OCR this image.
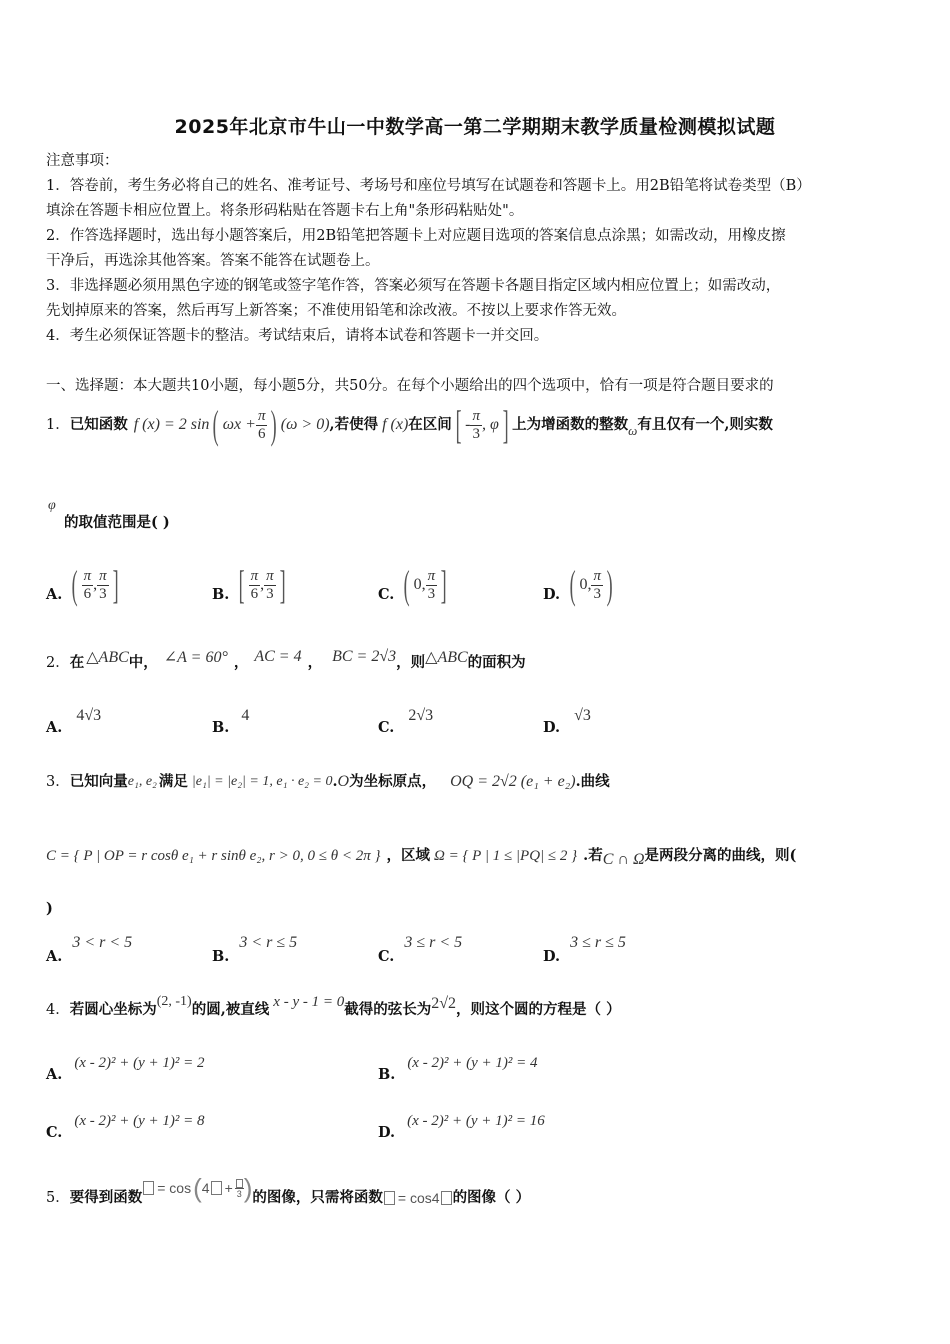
2025年北京市牛山一中数学高一第二学期期末教学质量检测模拟试题
注意事项：
1．答卷前，考生务必将自己的姓名、准考证号、考场号和座位号填写在试题卷和答题卡上。用2B铅笔将试卷类型（B）
填涂在答题卡相应位置上。将条形码粘贴在答题卡右上角"条形码粘贴处"。
2．作答选择题时，选出每小题答案后，用2B铅笔把答题卡上对应题目选项的答案信息点涂黑；如需改动，用橡皮擦
干净后，再选涂其他答案。答案不能答在试题卷上。
3．非选择题必须用黑色字迹的钢笔或签字笔作答，答案必须写在答题卡各题目指定区域内相应位置上；如需改动，
先划掉原来的答案，然后再写上新答案；不准使用铅笔和涂改液。不按以上要求作答无效。
4．考生必须保证答题卡的整洁。考试结束后，请将本试卷和答题卡一并交回。
一、选择题：本大题共10小题，每小题5分，共50分。在每个小题给出的四个选项中，恰有一项是符合题目要求的
1． 已知函数 f (x) = 2 sin ( $\omega x + \frac{\pi}{6}$ ) (ω > 0) ,若使得 f (x) 在区间 [ - $\frac{\pi}{3}$ , φ ] 上为增函数的整数 ω 有且仅有一个,则实数
φ
的取值范围是( )
A. ( $\frac{\pi}{6}$ , $\frac{\pi}{3}$ ]	B. [ $\frac{\pi}{6}$ , $\frac{\pi}{3}$ ]	C. ( 0, $\frac{\pi}{3}$ ]	D. ( 0, $\frac{\pi}{3}$ )
2． 在 △ABC 中， ∠A = 60° ， AC = 4 ， BC = 2√3 ，则 △ABC 的面积为
A.4√3
B.4
C.2√3
D.√3
3． 已知向量 e₁, e₂ 满足 |e₁| = |e₂| = 1, e₁ · e₂ = 0 . O 为坐标原点， OQ = 2√2 (e₁ + e₂) .曲线
C = { P | OP = r cosθ e₁ + r sinθ e₂, r > 0, 0 ≤ θ < 2π } ，区域 Ω = { P | 1 ≤ |PQ| ≤ 2 } .若 C ∩ Ω 是两段分离的曲线，则(
)
A.3 < r < 5
B.3 < r ≤ 5
C.3 ≤ r < 5
D.3 ≤ r ≤ 5
4． 若圆心坐标为 (2, -1) 的圆,被直线 x - y - 1 = 0 截得的弦长为 2√2 ，则这个圆的方程是（ ）
A.(x - 2)² + (y + 1)² = 2
B.(x - 2)² + (y + 1)² = 4
C.(x - 2)² + (y + 1)² = 8
D.(x - 2)² + (y + 1)² = 16
5． 要得到函数
= cos ( 4 + 3 ) 的图像，只需将函数 = cos4 的图像（ ）
